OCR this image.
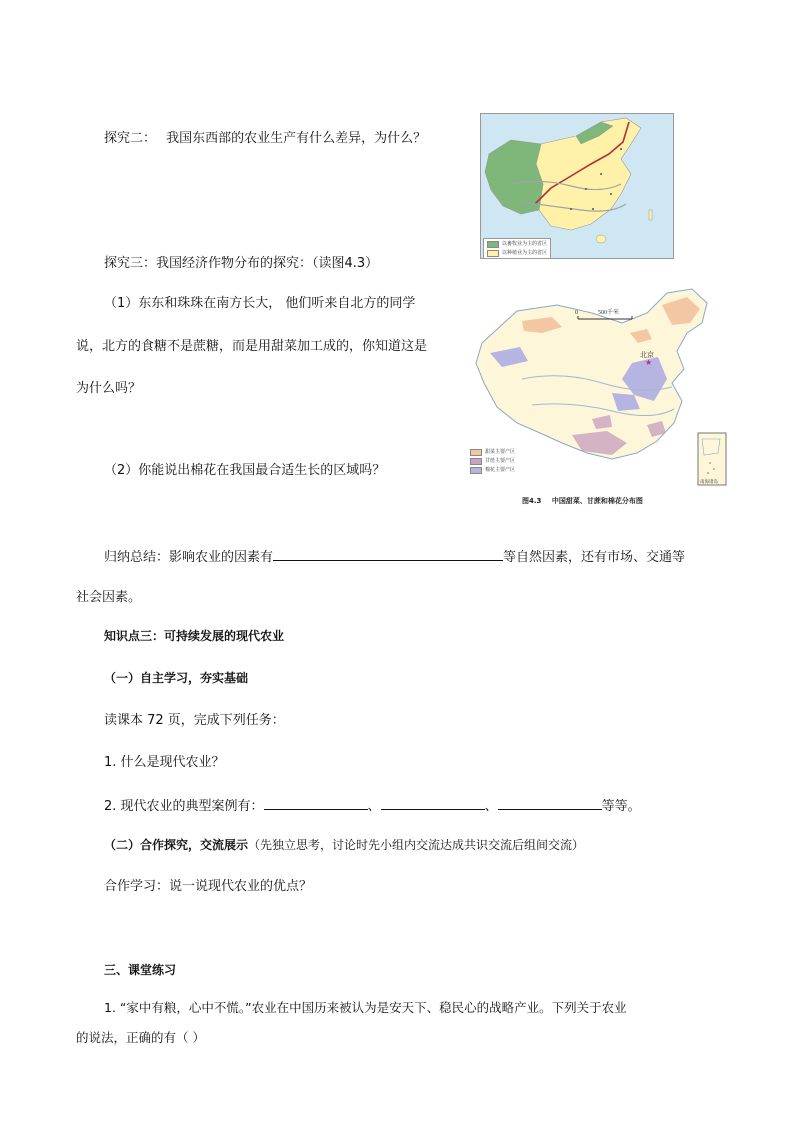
探究二： 我国东西部的农业生产有什么差异，为什么？
以畜牧业为主的省区
以种植业为主的省区
探究三：我国经济作物分布的探究：（读图4.3）
（1）东东和珠珠在南方长大， 他们听来自北方的同学
说，北方的食糖不是蔗糖，而是用甜菜加工成的，你知道这是
为什么吗？
（2）你能说出棉花在我国最合适生长的区域吗？
0	500千米
★
北京
南海诸岛
甜菜主要产区
甘蔗主要产区
棉花主要产区
图4.3 中国甜菜、甘蔗和棉花分布图
归纳总结：影响农业的因素有	等自然因素，还有市场、交通等
社会因素。
知识点三：可持续发展的现代农业
（一）自主学习，夯实基础
读课本 72 页，完成下列任务：
1. 什么是现代农业？
2. 现代农业的典型案例有：	、	、	等等。
（二）合作探究，交流展示（先独立思考，讨论时先小组内交流达成共识交流后组间交流）
合作学习：说一说现代农业的优点？
三、课堂练习
1. “家中有粮，心中不慌。”农业在中国历来被认为是安天下、稳民心的战略产业。下列关于农业
的说法，正确的有（ ）
